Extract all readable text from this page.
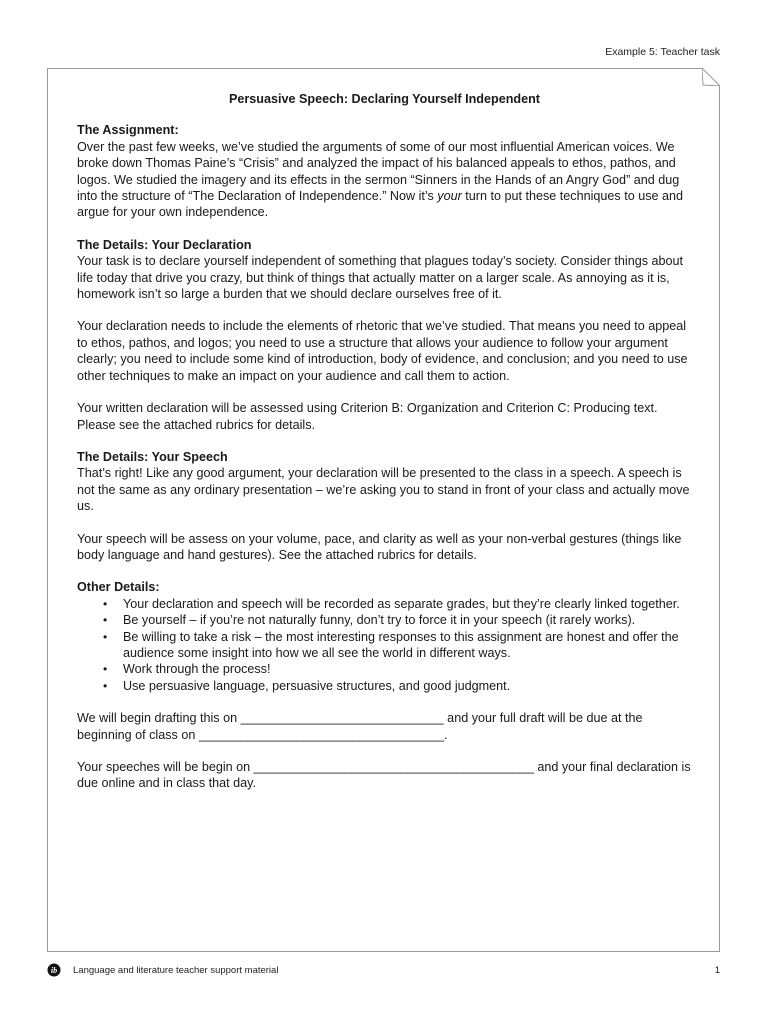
Example 5: Teacher task
Persuasive Speech: Declaring Yourself Independent
The Assignment:

Over the past few weeks, we’ve studied the arguments of some of our most influential American voices. We broke down Thomas Paine’s “Crisis” and analyzed the impact of his balanced appeals to ethos, pathos, and logos. We studied the imagery and its effects in the sermon “Sinners in the Hands of an Angry God” and dug into the structure of “The Declaration of Independence.” Now it’s your turn to put these techniques to use and argue for your own independence.

The Details: Your Declaration

Your task is to declare yourself independent of something that plagues today’s society. Consider things about life today that drive you crazy, but think of things that actually matter on a larger scale. As annoying as it is, homework isn’t so large a burden that we should declare ourselves free of it.

Your declaration needs to include the elements of rhetoric that we’ve studied. That means you need to appeal to ethos, pathos, and logos; you need to use a structure that allows your audience to follow your argument clearly; you need to include some kind of introduction, body of evidence, and conclusion; and you need to use other techniques to make an impact on your audience and call them to action.

Your written declaration will be assessed using Criterion B: Organization and Criterion C: Producing text. Please see the attached rubrics for details.

The Details: Your Speech

That’s right! Like any good argument, your declaration will be presented to the class in a speech. A speech is not the same as any ordinary presentation – we’re asking you to stand in front of your class and actually move us.

Your speech will be assess on your volume, pace, and clarity as well as your non-verbal gestures (things like body language and hand gestures). See the attached rubrics for details.

Other Details:
• Your declaration and speech will be recorded as separate grades, but they’re clearly linked together.
• Be yourself – if you’re not naturally funny, don’t try to force it in your speech (it rarely works).
• Be willing to take a risk – the most interesting responses to this assignment are honest and offer the audience some insight into how we all see the world in different ways.
• Work through the process!
• Use persuasive language, persuasive structures, and good judgment.

We will begin drafting this on _____________________________ and your full draft will be due at the beginning of class on ___________________________________.

Your speeches will be begin on ________________________________________ and your final declaration is due online and in class that day.

ib Language and literature teacher support material	1
